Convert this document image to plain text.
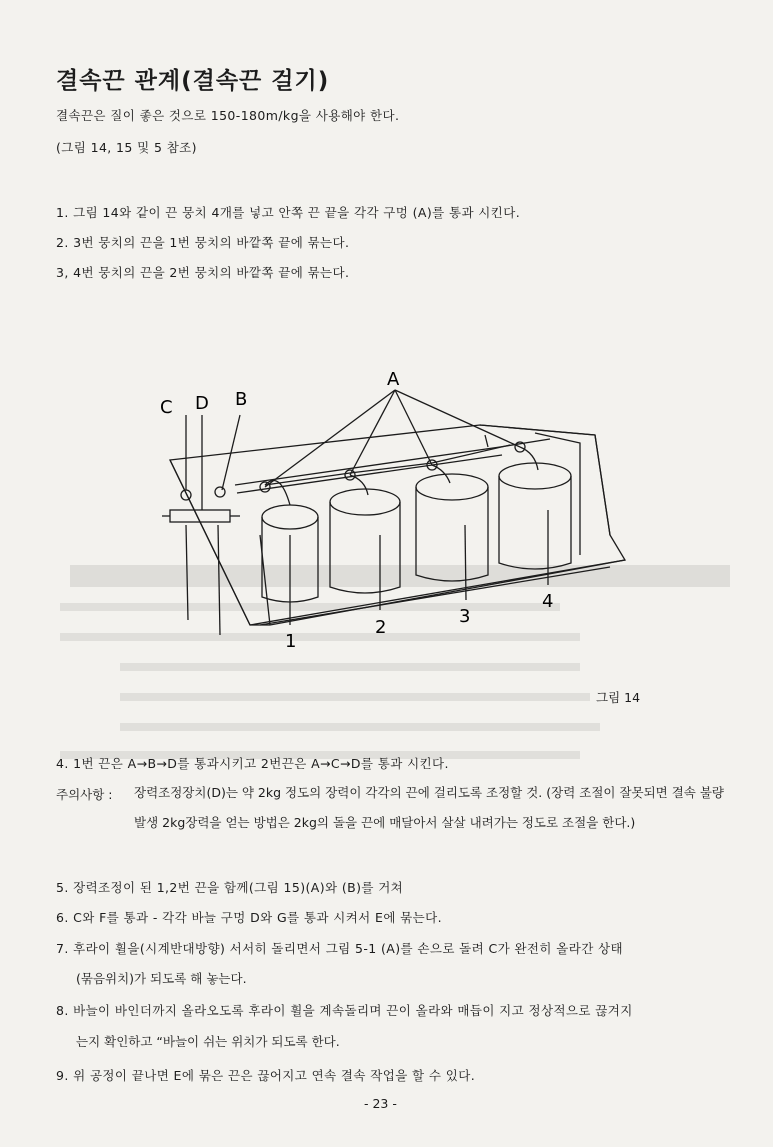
결속끈 관계(결속끈 걸기)
결속끈은 질이 좋은 것으로 150-180m/kg을 사용해야 한다.
(그림 14, 15 및 5 참조)
1. 그림 14와 같이 끈 뭉치 4개를 넣고 안쪽 끈 끝을 각각 구멍 (A)를 통과 시킨다.
2. 3번 뭉치의 끈을 1번 뭉치의 바깥쪽 끝에 묶는다.
3, 4번 뭉치의 끈을 2번 뭉치의 바깥쪽 끝에 묶는다.
A
C D B
1
2
3
4
그림 14
4. 1번 끈은 A→B→D를 통과시키고 2번끈은 A→C→D를 통과 시킨다.
주의사항 : 장력조정장치(D)는 약 2kg 정도의 장력이 각각의 끈에 걸리도록 조정할 것. (장력 조절이 잘못되면 결속 불량 발생 2kg장력을 얻는 방법은 2kg의 돌을 끈에 매달아서 살살 내려가는 정도로 조절을 한다.)
5. 장력조정이 된 1,2번 끈을 함께(그림 15)(A)와 (B)를 거쳐
6. C와 F를 통과 - 각각 바늘 구멍 D와 G를 통과 시켜서 E에 묶는다.
7. 후라이 휠을(시계반대방향) 서서히 돌리면서 그림 5-1 (A)를 손으로 돌려 C가 완전히 올라간 상태
(묶음위치)가 되도록 해 놓는다.
8. 바늘이 바인더까지 올라오도록 후라이 휠을 계속돌리며 끈이 올라와 매듭이 지고 정상적으로 끊겨지
는지 확인하고 “바늘이 쉬는 위치가 되도록 한다.
9. 위 공정이 끝나면 E에 묶은 끈은 끊어지고 연속 결속 작업을 할 수 있다.
- 23 -
